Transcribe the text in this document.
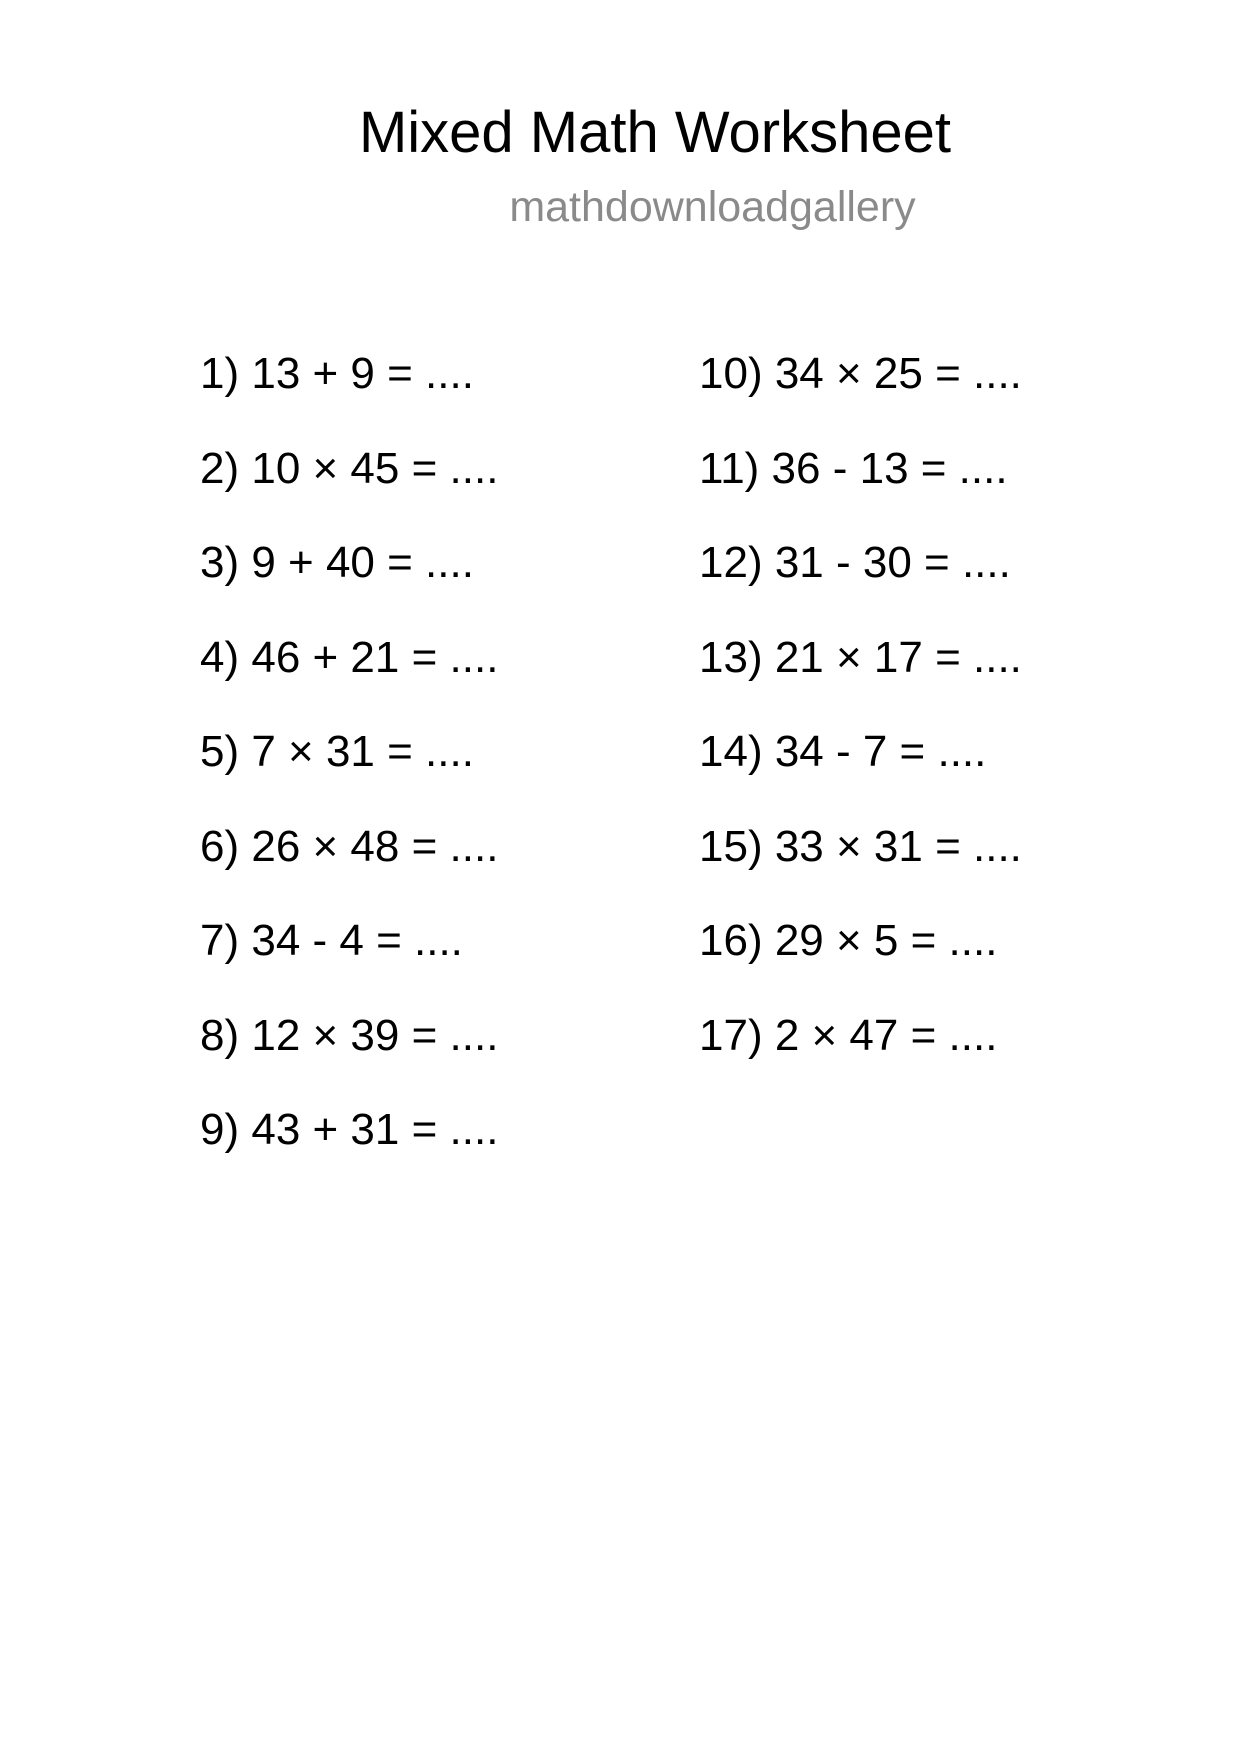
Mixed Math Worksheet
mathdownloadgallery
1) 13 + 9 = ....
2) 10 × 45 = ....
3) 9 + 40 = ....
4) 46 + 21 = ....
5) 7 × 31 = ....
6) 26 × 48 = ....
7) 34 - 4 = ....
8) 12 × 39 = ....
9) 43 + 31 = ....
10) 34 × 25 = ....
11) 36 - 13 = ....
12) 31 - 30 = ....
13) 21 × 17 = ....
14) 34 - 7 = ....
15) 33 × 31 = ....
16) 29 × 5 = ....
17) 2 × 47 = ....
